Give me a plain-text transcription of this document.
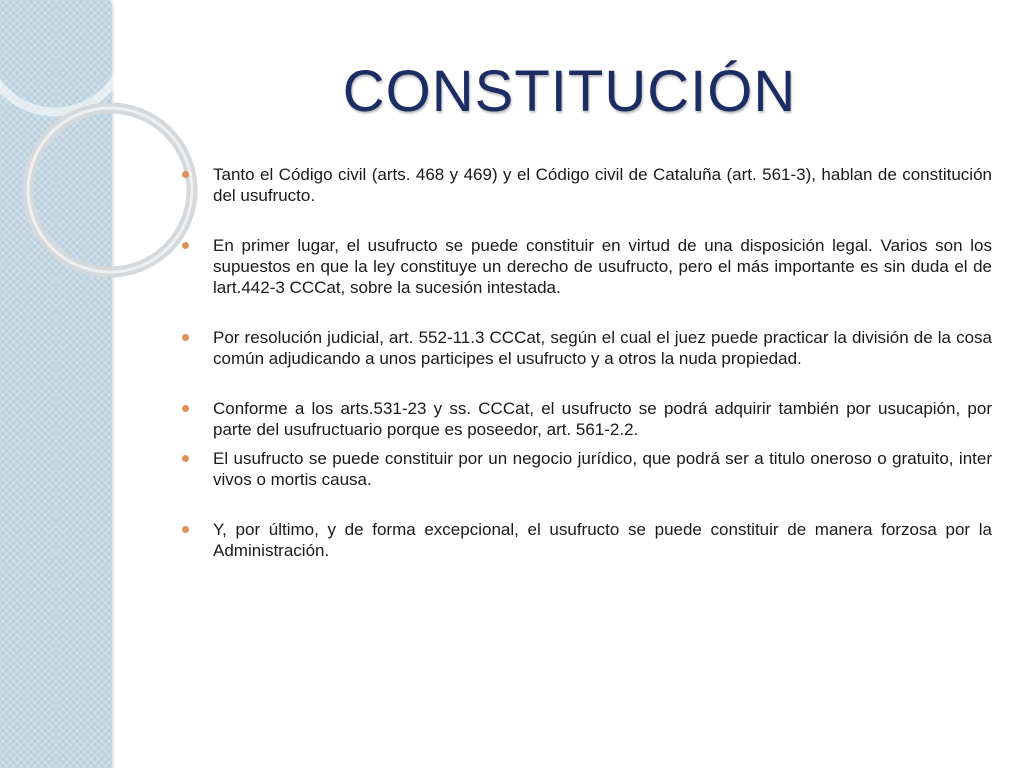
CONSTITUCIÓN
Tanto el Código civil (arts. 468 y 469) y el Código civil de Cataluña (art. 561-3), hablan de constitución del usufructo.
En primer lugar, el usufructo se puede constituir en virtud de una disposición legal. Varios son los supuestos en que la ley constituye un derecho de usufructo, pero el más importante es sin duda el de lart.442-3 CCCat, sobre la sucesión intestada.
Por resolución judicial, art. 552-11.3 CCCat, según el cual el juez puede practicar la división de la cosa común adjudicando a unos participes el usufructo y a otros la nuda propiedad.
Conforme a los arts.531-23 y ss. CCCat, el usufructo se podrá adquirir también por usucapión, por parte del usufructuario porque es poseedor, art. 561-2.2.
El usufructo se puede constituir por un negocio jurídico, que podrá ser a titulo oneroso o gratuito, inter vivos o mortis causa.
Y, por último, y de forma excepcional, el usufructo se puede constituir de manera forzosa por la Administración.
